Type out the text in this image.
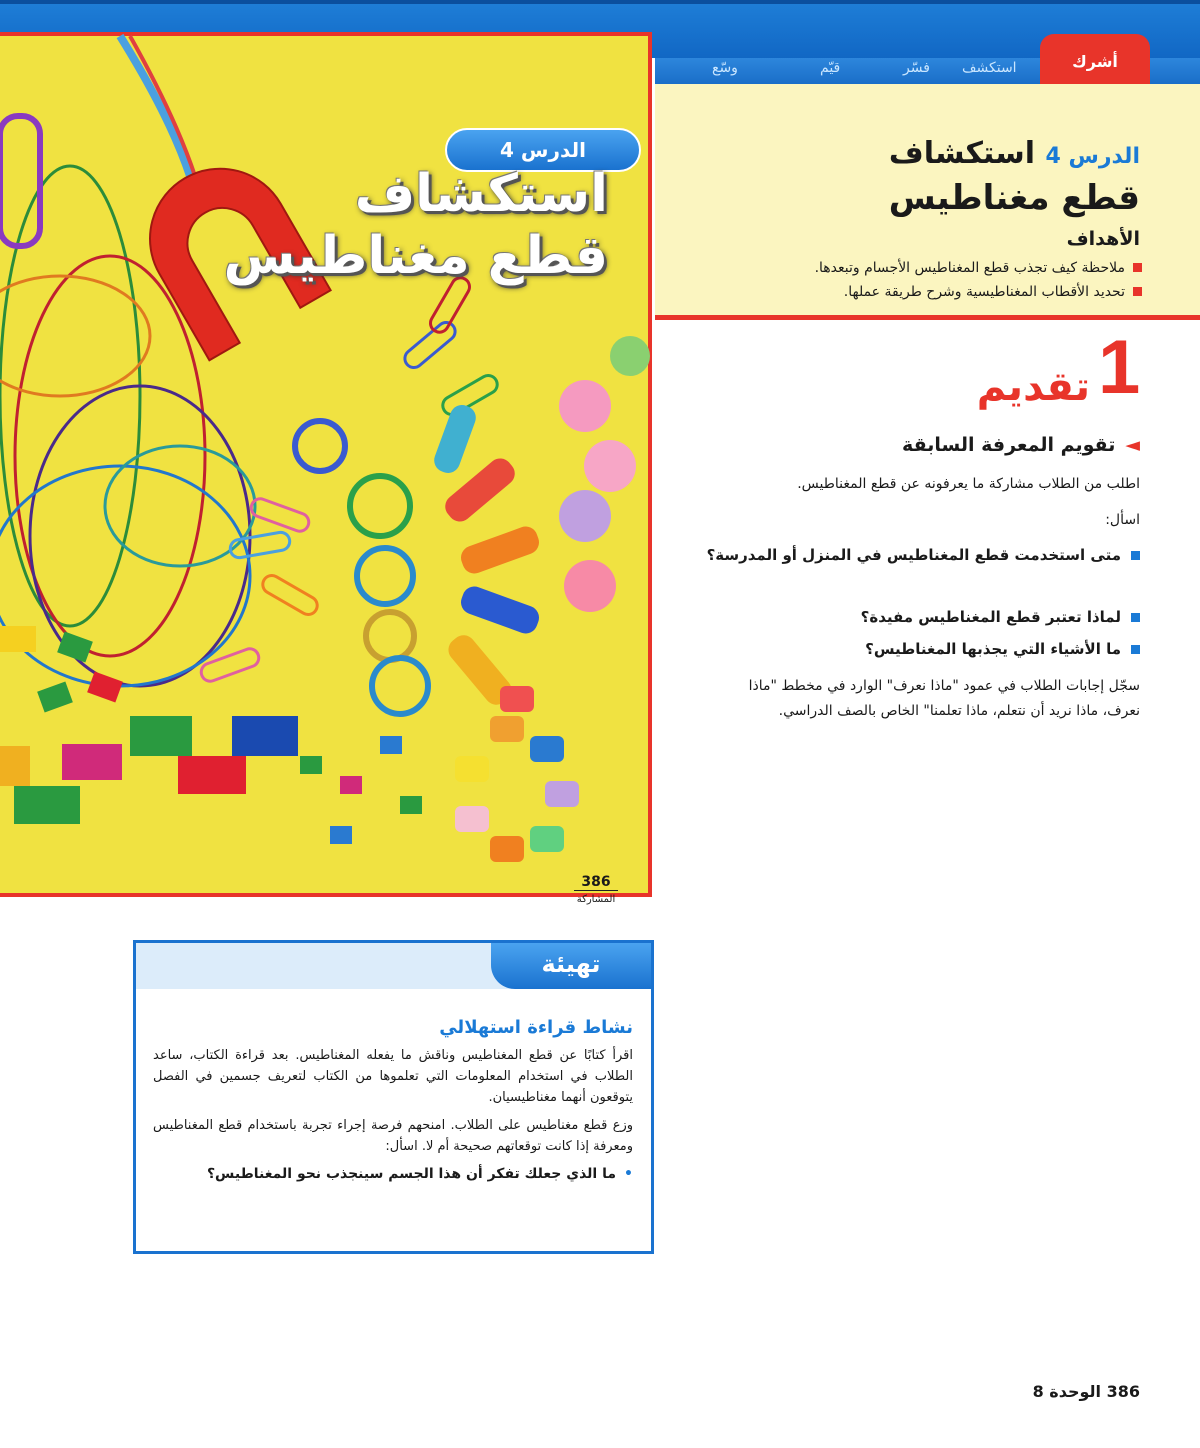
أشرك
استكشف
فسّر
قيّم
وسّع
الدرس 4 استكشاف
قطع مغناطيس
الأهداف
ملاحظة كيف تجذب قطع المغناطيس الأجسام وتبعدها.
تحديد الأقطاب المغناطيسية وشرح طريقة عملها.
الدرس 4
استكشاف
قطع مغناطيس
386
المشاركة
1
تقديم
◄تقويم المعرفة السابقة
اطلب من الطلاب مشاركة ما يعرفونه عن قطع المغناطيس.
اسأل:
متى استخدمت قطع المغناطيس في المنزل أو المدرسة؟
لماذا تعتبر قطع المغناطيس مفيدة؟
ما الأشياء التي يجذبها المغناطيس؟
سجّل إجابات الطلاب في عمود "ماذا نعرف" الوارد في مخطط "ماذا نعرف، ماذا نريد أن نتعلم، ماذا تعلمنا" الخاص بالصف الدراسي.
تهيئة
نشاط قراءة استهلالي
اقرأ كتابًا عن قطع المغناطيس وناقش ما يفعله المغناطيس. بعد قراءة الكتاب، ساعد الطلاب في استخدام المعلومات التي تعلموها من الكتاب لتعريف جسمين في الفصل يتوقعون أنهما مغناطيسيان.
وزع قطع مغناطيس على الطلاب. امنحهم فرصة إجراء تجربة باستخدام قطع المغناطيس ومعرفة إذا كانت توقعاتهم صحيحة أم لا. اسأل:
•ما الذي جعلك تفكر أن هذا الجسم سينجذب نحو المغناطيس؟
386 الوحدة 8
